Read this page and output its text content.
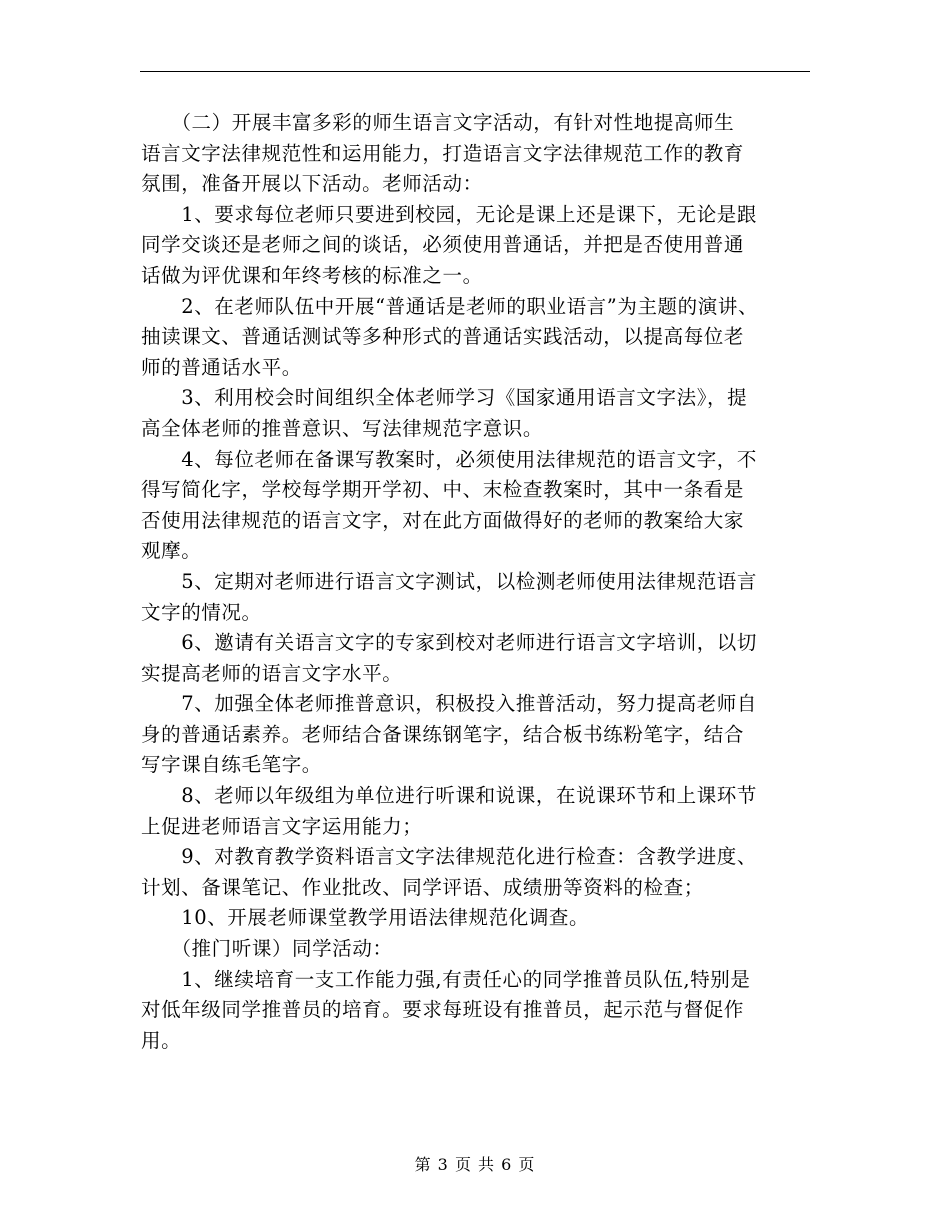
　　（二）开展丰富多彩的师生语言文字活动，有针对性地提高师生
语言文字法律规范性和运用能力，打造语言文字法律规范工作的教育
氛围，准备开展以下活动。老师活动：
　　1、要求每位老师只要进到校园，无论是课上还是课下，无论是跟
同学交谈还是老师之间的谈话，必须使用普通话，并把是否使用普通
话做为评优课和年终考核的标准之一。
　　2、在老师队伍中开展“普通话是老师的职业语言”为主题的演讲、
抽读课文、普通话测试等多种形式的普通话实践活动，以提高每位老
师的普通话水平。
　　3、利用校会时间组织全体老师学习《国家通用语言文字法》，提
高全体老师的推普意识、写法律规范字意识。
　　4、每位老师在备课写教案时，必须使用法律规范的语言文字，不
得写简化字，学校每学期开学初、中、末检查教案时，其中一条看是
否使用法律规范的语言文字，对在此方面做得好的老师的教案给大家
观摩。
　　5、定期对老师进行语言文字测试，以检测老师使用法律规范语言
文字的情况。
　　6、邀请有关语言文字的专家到校对老师进行语言文字培训，以切
实提高老师的语言文字水平。
　　7、加强全体老师推普意识，积极投入推普活动，努力提高老师自
身的普通话素养。老师结合备课练钢笔字，结合板书练粉笔字，结合
写字课自练毛笔字。
　　8、老师以年级组为单位进行听课和说课，在说课环节和上课环节
上促进老师语言文字运用能力；
　　9、对教育教学资料语言文字法律规范化进行检查：含教学进度、
计划、备课笔记、作业批改、同学评语、成绩册等资料的检查；
　　10、开展老师课堂教学用语法律规范化调查。
　　（推门听课）同学活动：
　　1、继续培育一支工作能力强,有责任心的同学推普员队伍,特别是
对低年级同学推普员的培育。要求每班设有推普员，起示范与督促作
用。
第 3 页 共 6 页
